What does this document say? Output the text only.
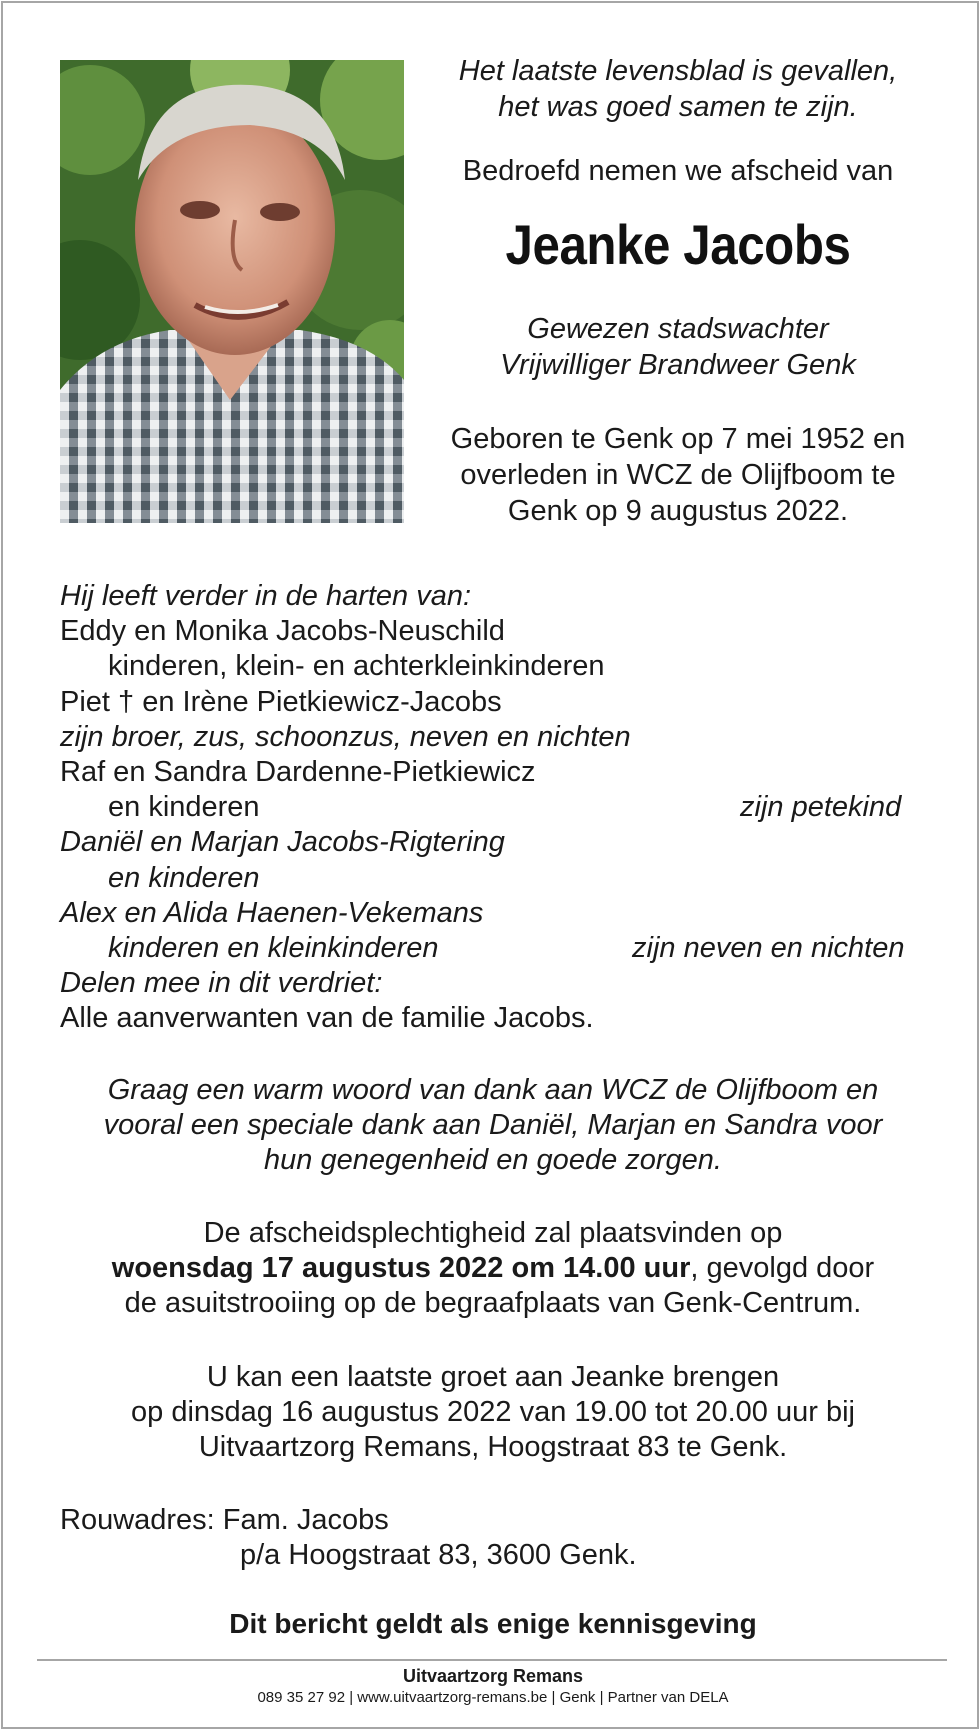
Het laatste levensblad is gevallen,

het was goed samen te zijn.

Bedroefd nemen we afscheid van

Jeanke Jacobs

Gewezen stadswachter

Vrijwilliger Brandweer Genk

Geboren te Genk op 7 mei 1952 en

overleden in WCZ de Olijfboom te

Genk op 9 augustus 2022.

Hij leeft verder in de harten van:
Eddy en Monika Jacobs-Neuschild
kinderen, klein- en achterkleinkinderen
Piet † en Irène Pietkiewicz-Jacobs
zijn broer, zus, schoonzus, neven en nichten
Raf en Sandra Dardenne-Pietkiewicz
en kinderen	zijn petekind
Daniël en Marjan Jacobs-Rigtering
en kinderen
Alex en Alida Haenen-Vekemans
kinderen en kleinkinderen	zijn neven en nichten
Delen mee in dit verdriet:
Alle aanverwanten van de familie Jacobs.

Graag een warm woord van dank aan WCZ de Olijfboom en

vooral een speciale dank aan Daniël, Marjan en Sandra voor

hun genegenheid en goede zorgen.

De afscheidsplechtigheid zal plaatsvinden op

woensdag 17 augustus 2022 om 14.00 uur, gevolgd door

de asuitstrooiing op de begraafplaats van Genk-Centrum.

U kan een laatste groet aan Jeanke brengen

op dinsdag 16 augustus 2022 van 19.00 tot 20.00 uur bij

Uitvaartzorg Remans, Hoogstraat 83 te Genk.

Rouwadres: Fam. Jacobs
p/a Hoogstraat 83, 3600 Genk.
Dit bericht geldt als enige kennisgeving
Uitvaartzorg Remans
089 35 27 92 | www.uitvaartzorg-remans.be | Genk | Partner van DELA
